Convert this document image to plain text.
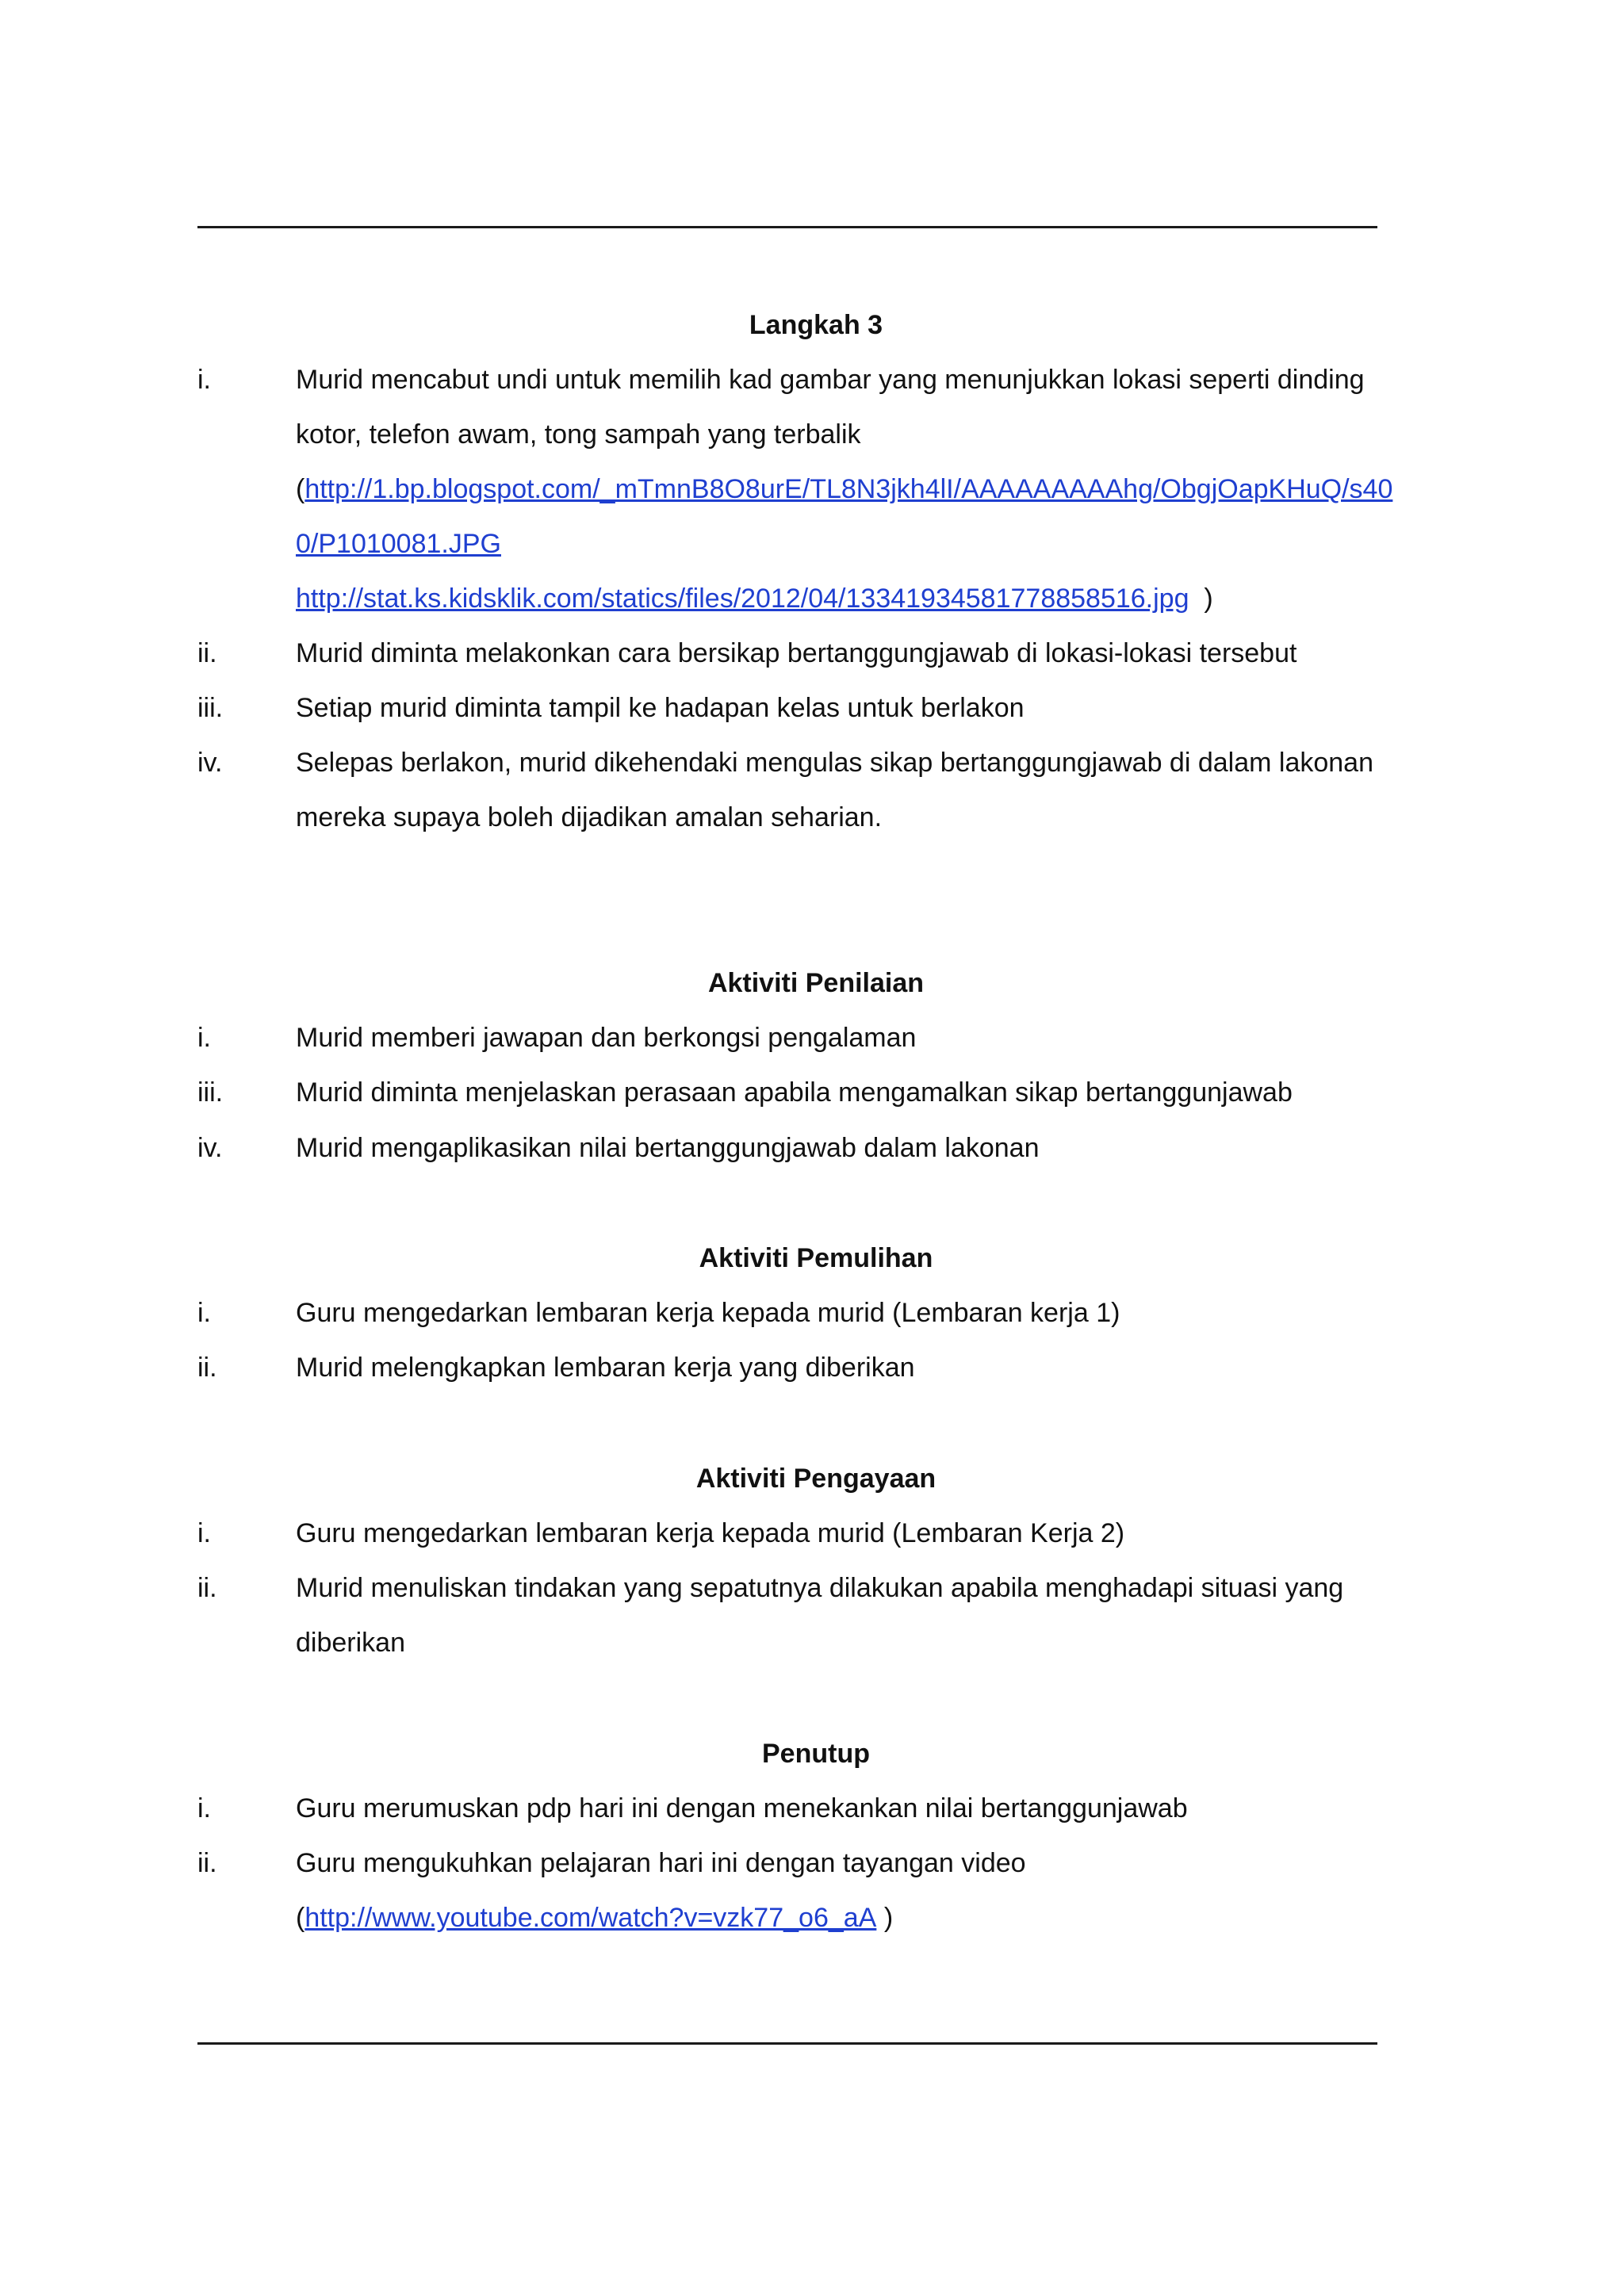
Langkah 3
i.	Murid mencabut undi untuk memilih kad gambar yang menunjukkan lokasi seperti dinding
kotor, telefon awam, tong sampah yang terbalik
(http://1.bp.blogspot.com/_mTmnB8O8urE/TL8N3jkh4lI/AAAAAAAAAhg/ObgjOapKHuQ/s40
0/P1010081.JPG
http://stat.ks.kidsklik.com/statics/files/2012/04/1334193458177885851​6.jpg )
ii.	Murid diminta melakonkan cara bersikap bertanggungjawab di lokasi-lokasi tersebut
iii.	Setiap murid diminta tampil ke hadapan kelas untuk berlakon
iv.	Selepas berlakon, murid dikehendaki mengulas sikap bertanggungjawab di dalam lakonan
mereka supaya boleh dijadikan amalan seharian.
Aktiviti Penilaian
i.	Murid memberi jawapan dan berkongsi pengalaman
iii.	Murid diminta menjelaskan perasaan apabila mengamalkan sikap bertanggunjawab
iv.	Murid mengaplikasikan nilai bertanggungjawab dalam lakonan
Aktiviti Pemulihan
i.	Guru mengedarkan lembaran kerja kepada murid (Lembaran kerja 1)
ii.	Murid melengkapkan lembaran kerja yang diberikan
Aktiviti Pengayaan
i.	Guru mengedarkan lembaran kerja kepada murid (Lembaran Kerja 2)
ii.	Murid menuliskan tindakan yang sepatutnya dilakukan apabila menghadapi situasi yang
diberikan
Penutup
i.	Guru merumuskan pdp hari ini dengan menekankan nilai bertanggunjawab
ii.	Guru mengukuhkan pelajaran hari ini dengan tayangan video
(http://www.youtube.com/watch?v=vzk77_o6_aA )
